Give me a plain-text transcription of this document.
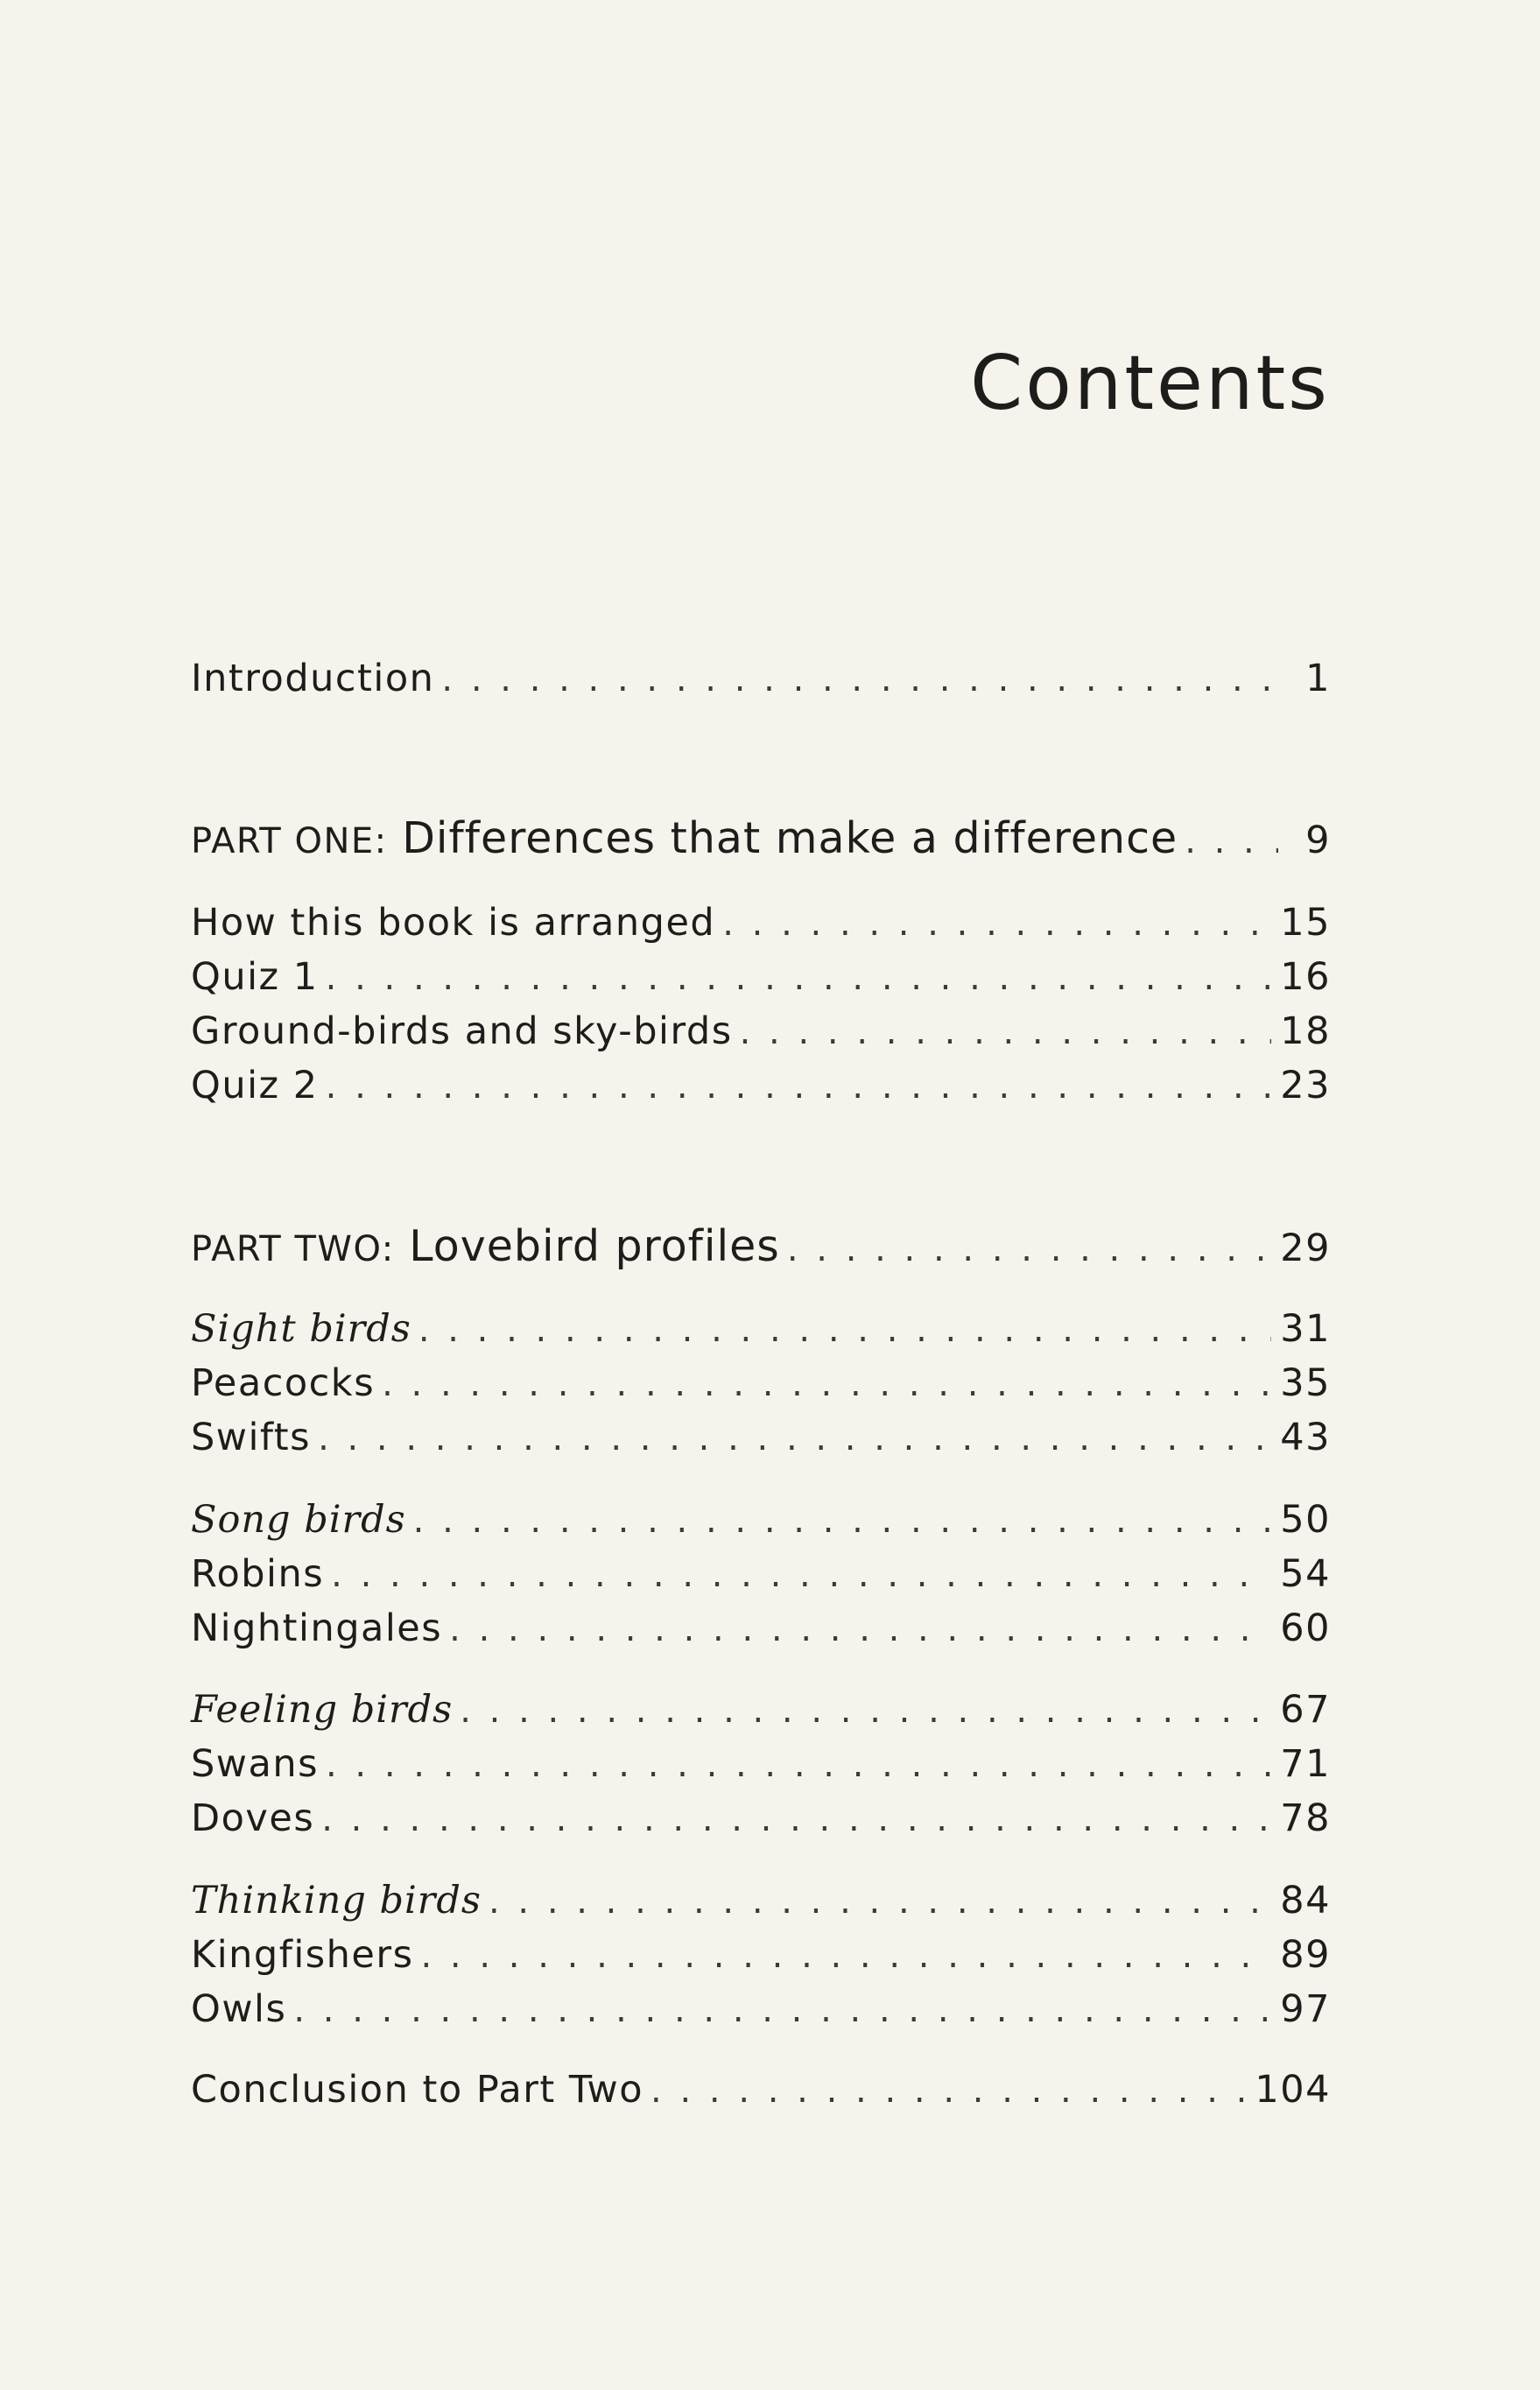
Contents
Introduction . . .	1
PART ONE: Differences that make a difference . . .	9
How this book is arranged . . .	15
Quiz 1 . . .	16
Ground-birds and sky-birds . . .	18
Quiz 2 . . .	23
PART TWO: Lovebird profiles . . .	29
Sight birds . . .	31
Peacocks . . .	35
Swifts . . .	43
Song birds . . .	50
Robins . . .	54
Nightingales . . .	60
Feeling birds . . .	67
Swans . . .	71
Doves . . .	78
Thinking birds . . .	84
Kingfishers . . .	89
Owls . . .	97
Conclusion to Part Two . . .	104
